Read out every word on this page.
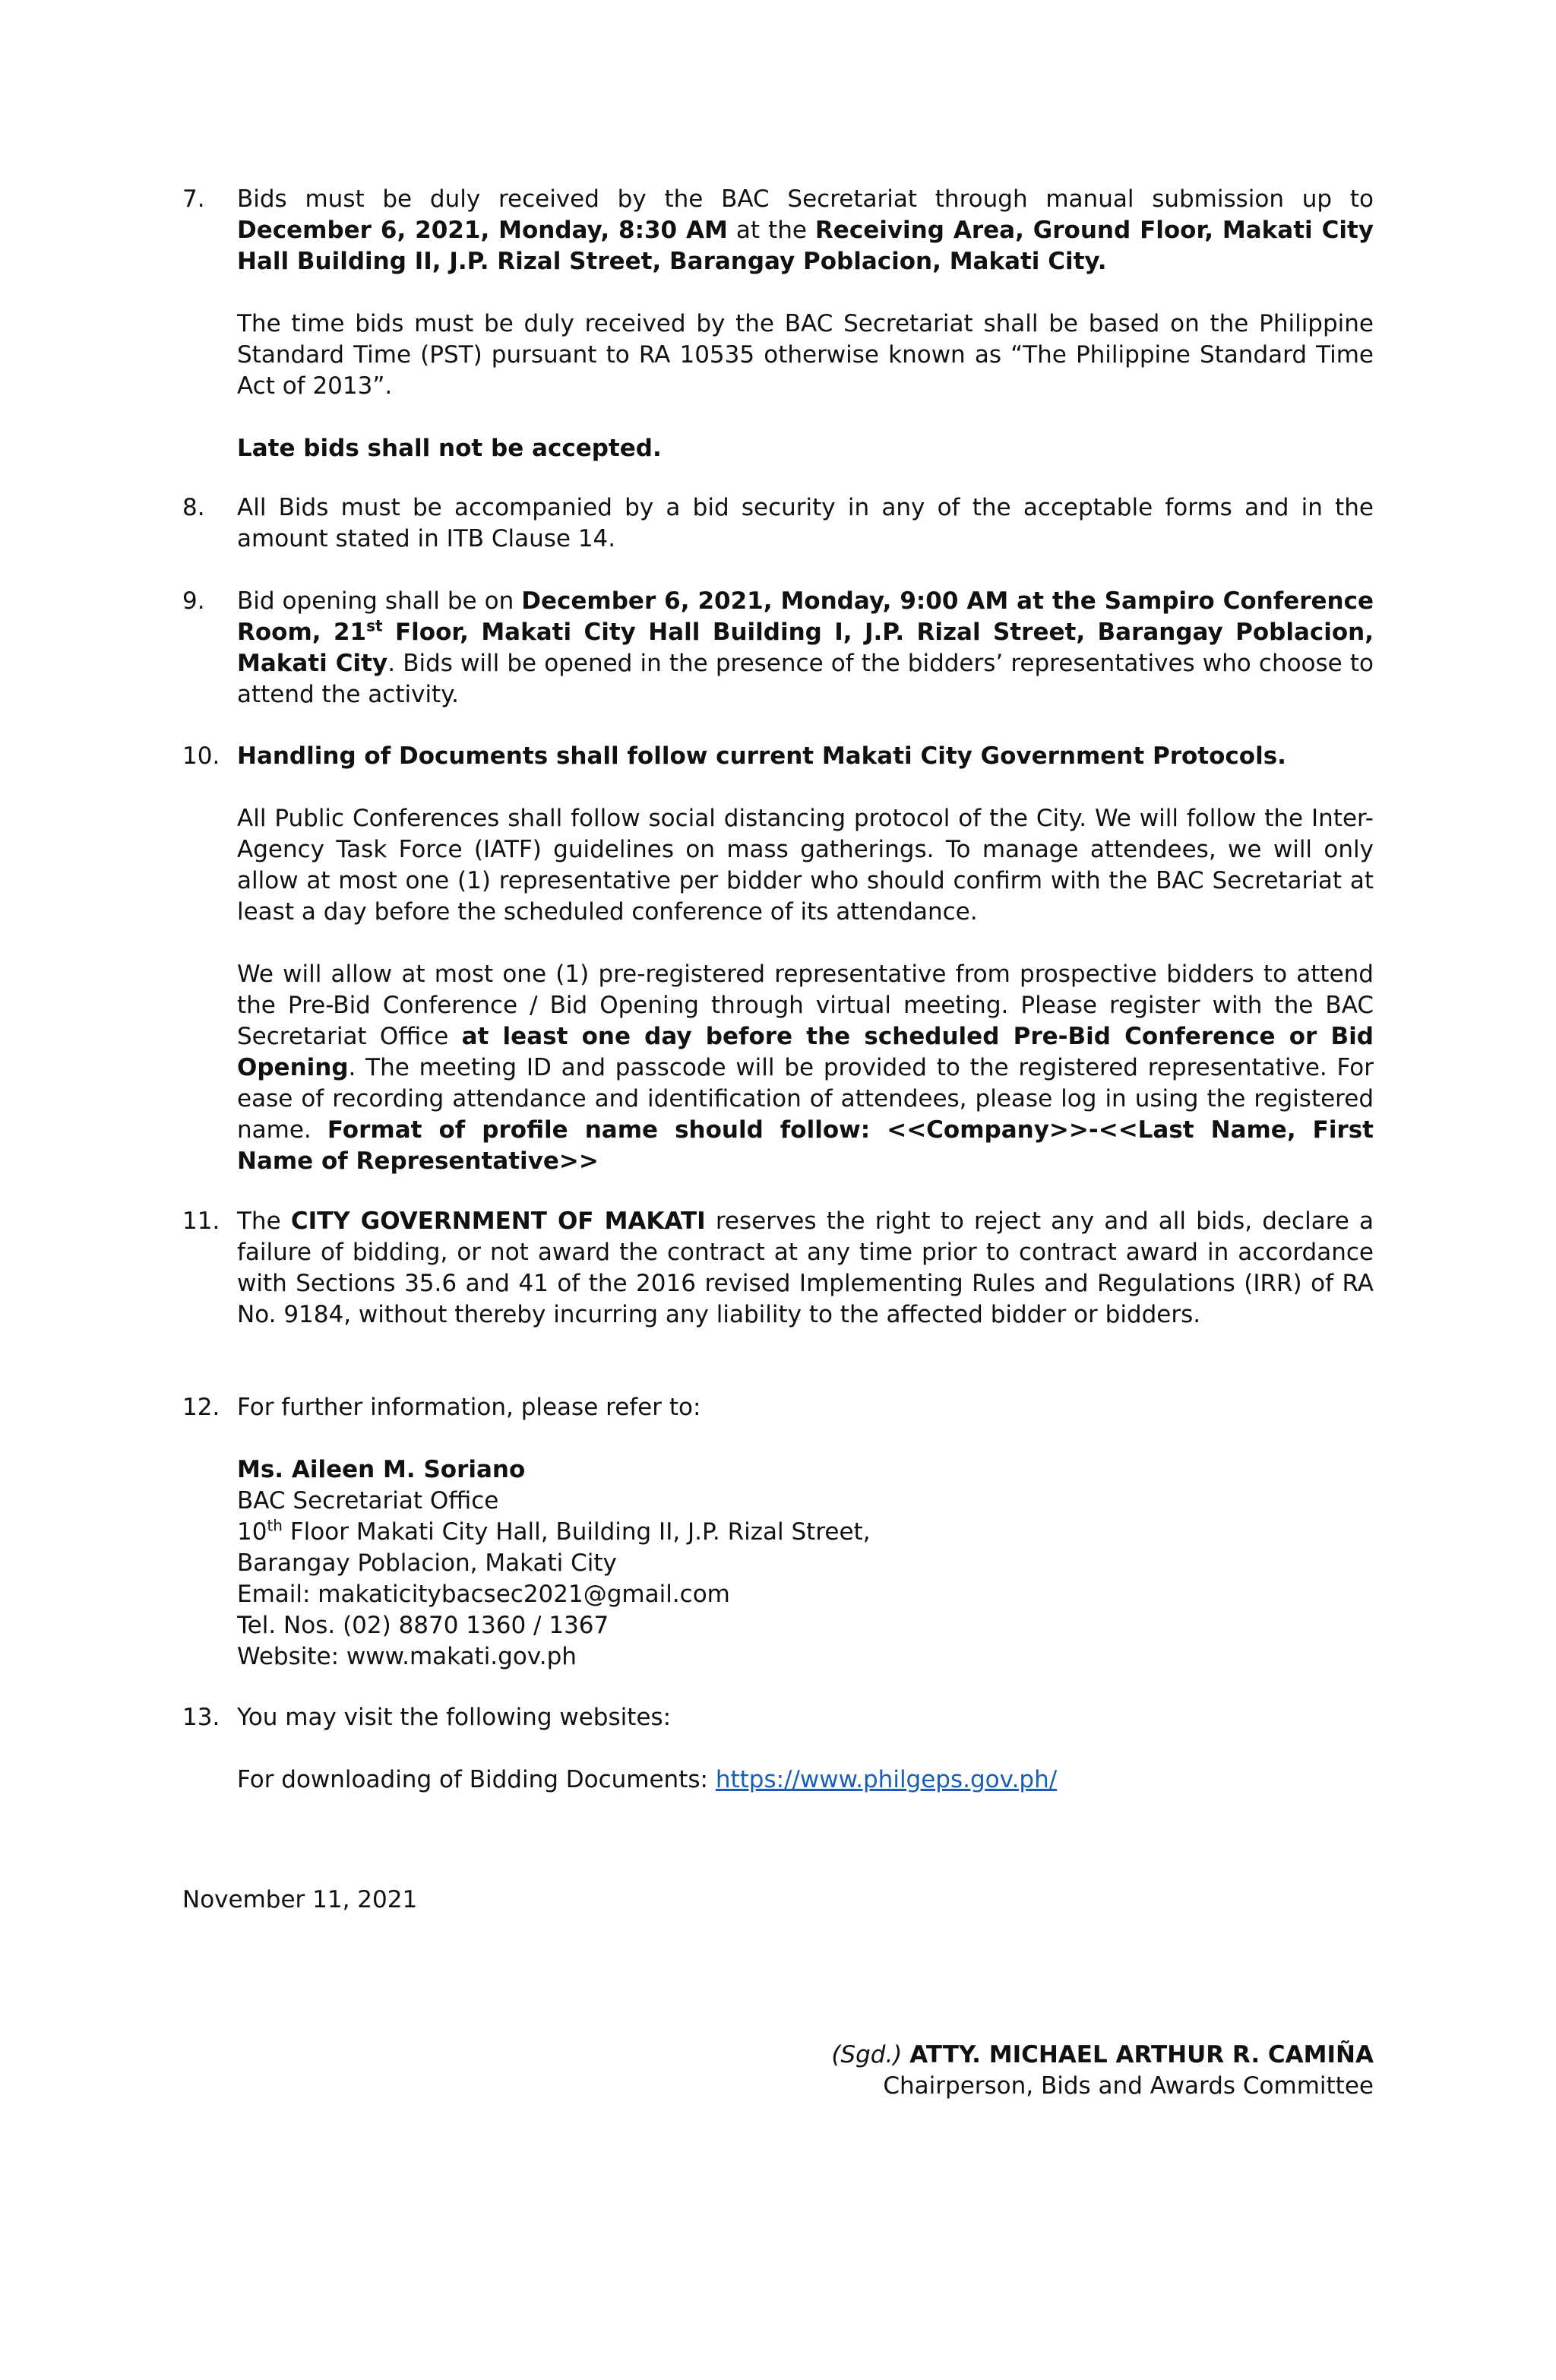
7. Bids must be duly received by the BAC Secretariat through manual submission up to December 6, 2021, Monday, 8:30 AM at the Receiving Area, Ground Floor, Makati City Hall Building II, J.P. Rizal Street, Barangay Poblacion, Makati City.

The time bids must be duly received by the BAC Secretariat shall be based on the Philippine Standard Time (PST) pursuant to RA 10535 otherwise known as “The Philippine Standard Time Act of 2013”.

Late bids shall not be accepted.

8. All Bids must be accompanied by a bid security in any of the acceptable forms and in the amount stated in ITB Clause 14.

9. Bid opening shall be on December 6, 2021, Monday, 9:00 AM at the Sampiro Conference Room, 21st Floor, Makati City Hall Building I, J.P. Rizal Street, Barangay Poblacion, Makati City. Bids will be opened in the presence of the bidders’ representatives who choose to attend the activity.

10. Handling of Documents shall follow current Makati City Government Protocols.

All Public Conferences shall follow social distancing protocol of the City. We will follow the Inter-Agency Task Force (IATF) guidelines on mass gatherings. To manage attendees, we will only allow at most one (1) representative per bidder who should confirm with the BAC Secretariat at least a day before the scheduled conference of its attendance.

We will allow at most one (1) pre-registered representative from prospective bidders to attend the Pre-Bid Conference / Bid Opening through virtual meeting. Please register with the BAC Secretariat Office at least one day before the scheduled Pre-Bid Conference or Bid Opening. The meeting ID and passcode will be provided to the registered representative. For ease of recording attendance and identification of attendees, please log in using the registered name. Format of profile name should follow: <<Company>>-<<Last Name, First Name of Representative>>

11. The CITY GOVERNMENT OF MAKATI reserves the right to reject any and all bids, declare a failure of bidding, or not award the contract at any time prior to contract award in accordance with Sections 35.6 and 41 of the 2016 revised Implementing Rules and Regulations (IRR) of RA No. 9184, without thereby incurring any liability to the affected bidder or bidders.

12. For further information, please refer to:

Ms. Aileen M. Soriano
BAC Secretariat Office
10th Floor Makati City Hall, Building II, J.P. Rizal Street,
Barangay Poblacion, Makati City
Email: makaticitybacsec2021@gmail.com
Tel. Nos. (02) 8870 1360 / 1367
Website: www.makati.gov.ph
13. You may visit the following websites:

For downloading of Bidding Documents: https://www.philgeps.gov.ph/

November 11, 2021
(Sgd.) ATTY. MICHAEL ARTHUR R. CAMIÑA
Chairperson, Bids and Awards Committee
